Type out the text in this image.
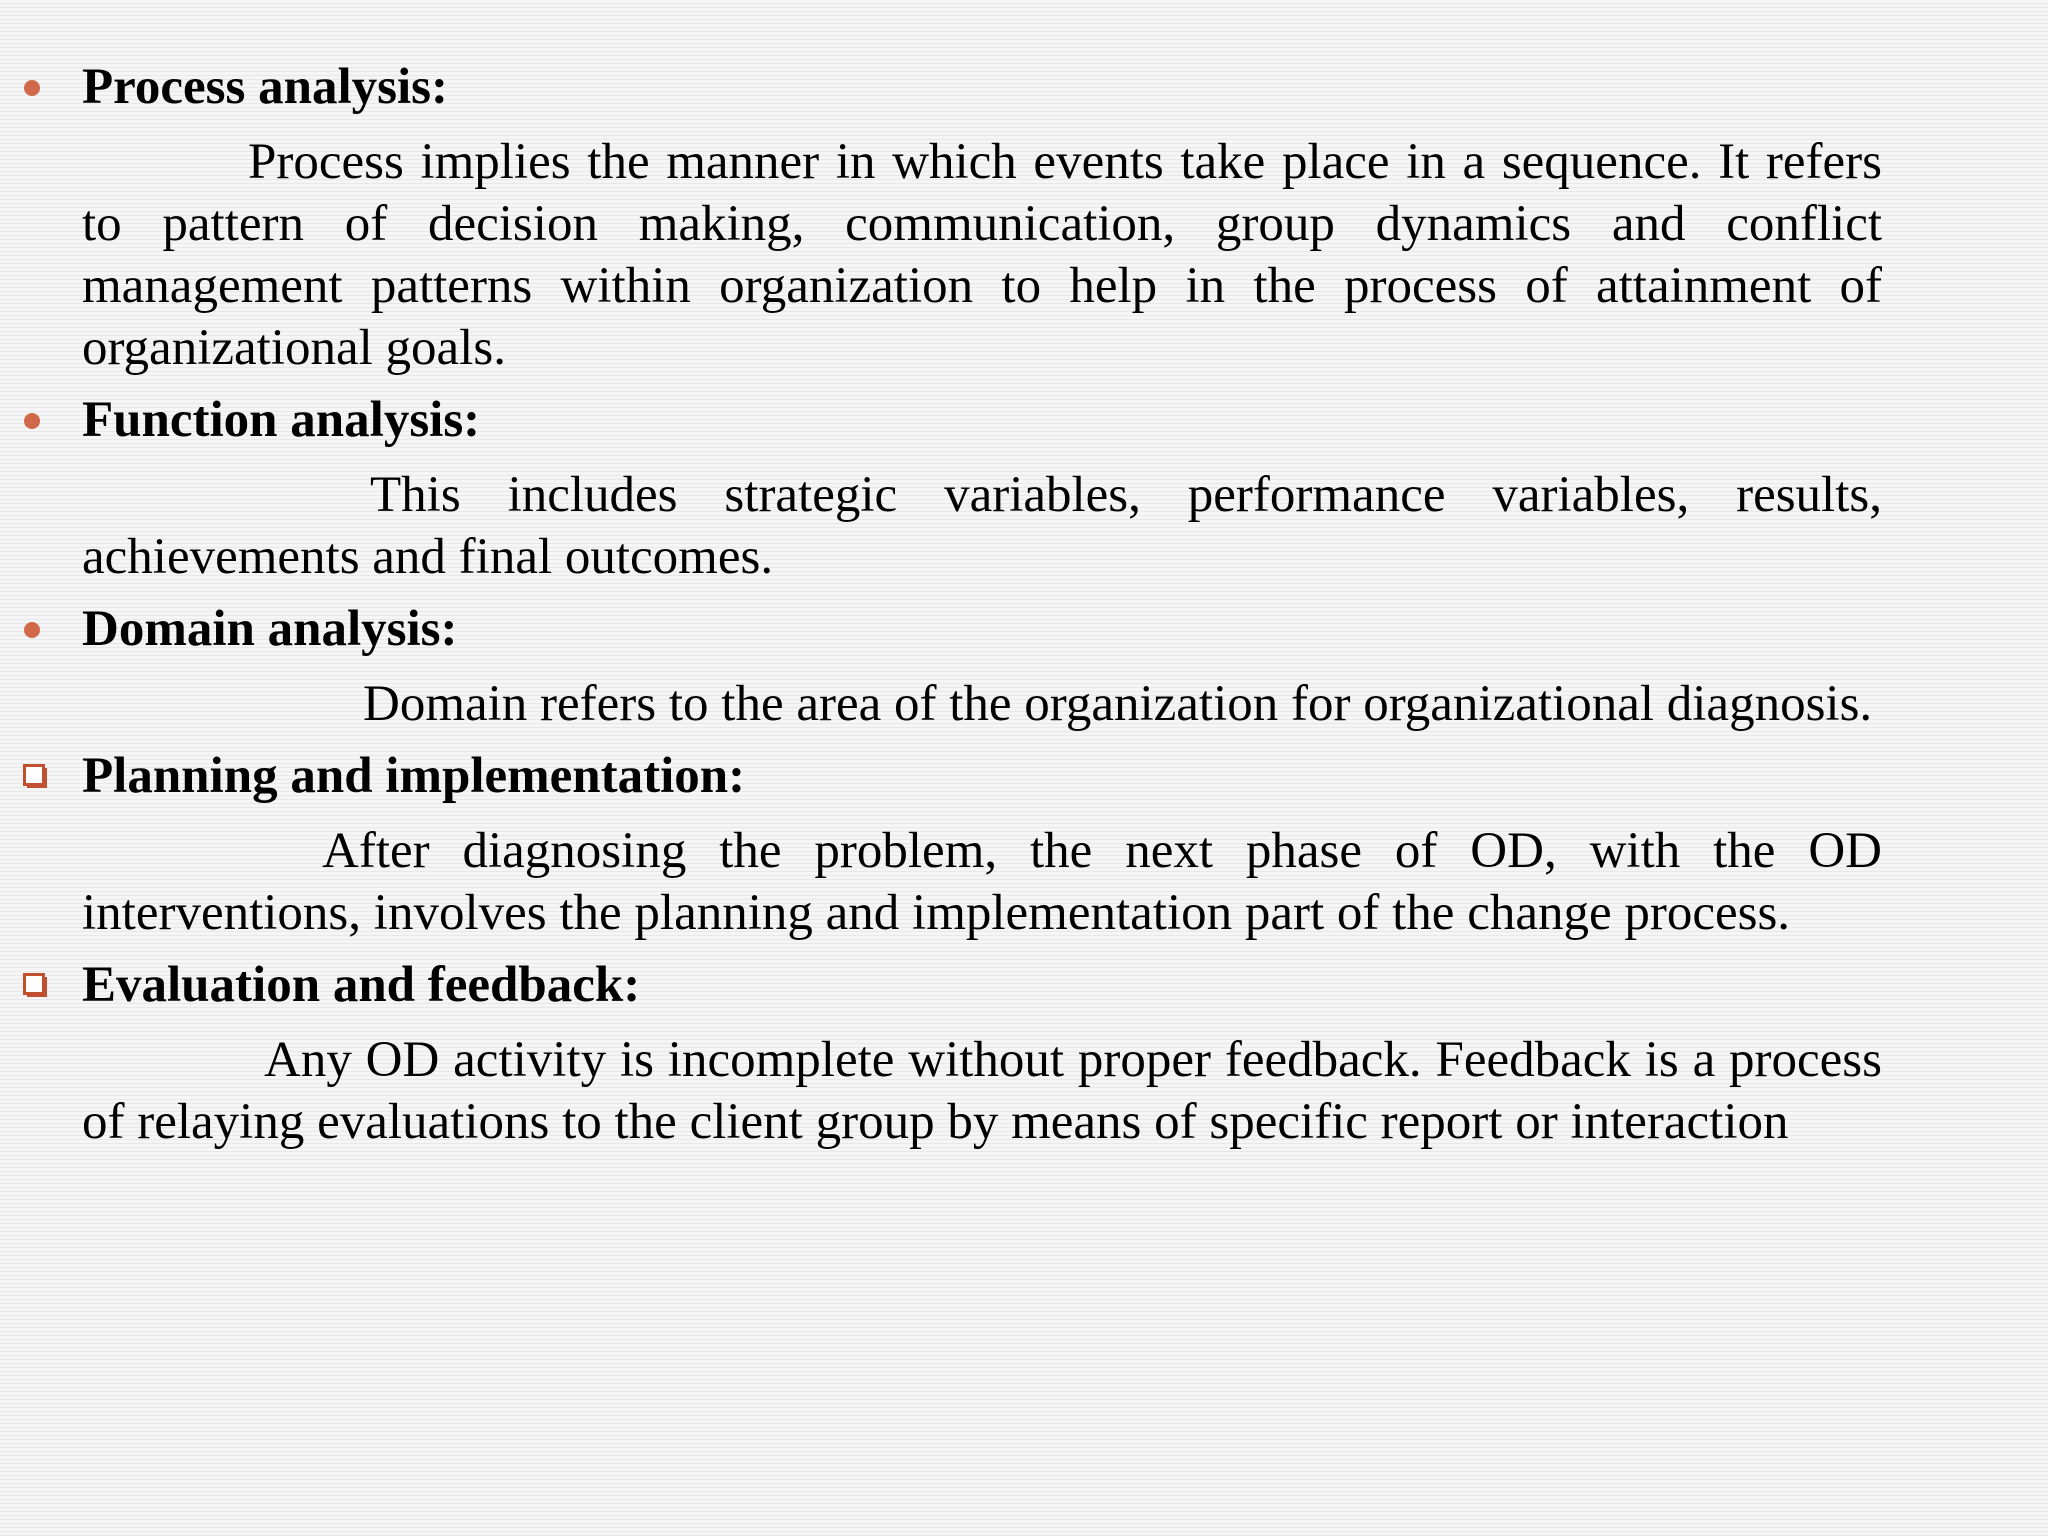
Process analysis:

Process implies the manner in which events take place in a sequence. It refers to pattern of decision making, communication, group dynamics and conflict management patterns within organization to help in the process of attainment of organizational goals.

Function analysis:

This includes strategic variables, performance variables, results, achievements and final outcomes.

Domain analysis:

Domain refers to the area of the organization for organizational diagnosis.

Planning and implementation:

After diagnosing the problem, the next phase of OD, with the OD interventions, involves the planning and implementation part of the change process.

Evaluation and feedback:

Any OD activity is incomplete without proper feedback. Feedback is a process of relaying evaluations to the client group by means of specific report or interaction
